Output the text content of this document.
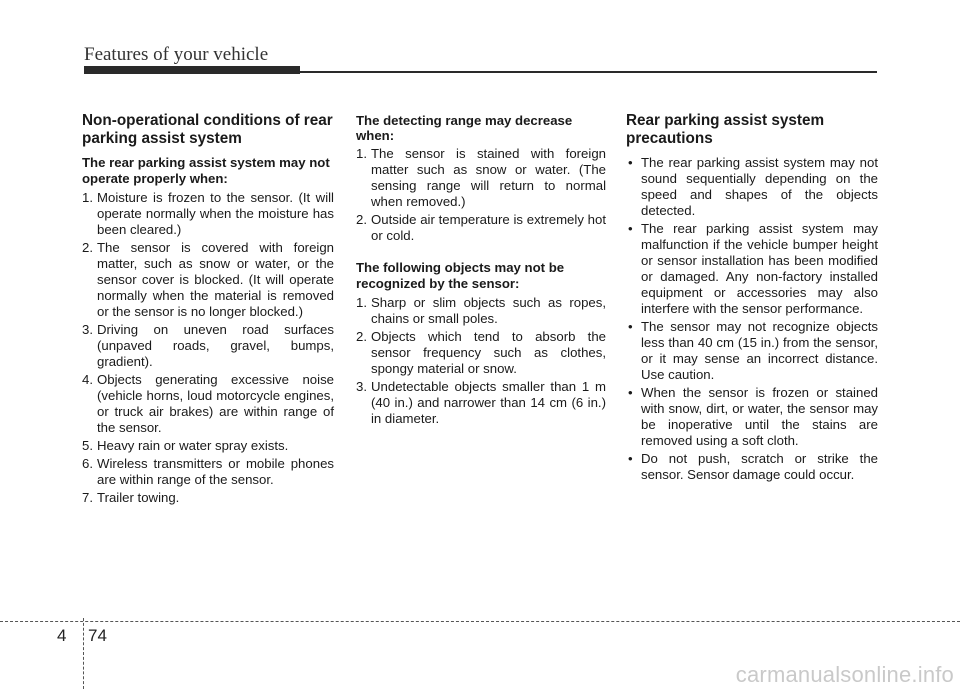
Features of your vehicle
Non-operational conditions of rear parking assist system
The rear parking assist system may not operate properly when:
1. Moisture is frozen to the sensor. (It will operate normally when the moisture has been cleared.)
2. The sensor is covered with foreign matter, such as snow or water, or the sensor cover is blocked. (It will operate normally when the material is removed or the sensor is no longer blocked.)
3. Driving on uneven road surfaces (unpaved roads, gravel, bumps, gradient).
4. Objects generating excessive noise (vehicle horns, loud motorcycle engines, or truck air brakes) are within range of the sensor.
5. Heavy rain or water spray exists.
6. Wireless transmitters or mobile phones are within range of the sensor.
7. Trailer towing.
The detecting range may decrease when:
1. The sensor is stained with foreign matter such as snow or water. (The sensing range will return to normal when removed.)
2. Outside air temperature is extremely hot or cold.
The following objects may not be recognized by the sensor:
1. Sharp or slim objects such as ropes, chains or small poles.
2. Objects which tend to absorb the sensor frequency such as clothes, spongy material or snow.
3. Undetectable objects smaller than 1 m (40 in.) and narrower than 14 cm (6 in.) in diameter.
Rear parking assist system precautions
• The rear parking assist system may not sound sequentially depending on the speed and shapes of the objects detected.
• The rear parking assist system may malfunction if the vehicle bumper height or sensor installation has been modified or damaged. Any non-factory installed equipment or accessories may also interfere with the sensor performance.
• The sensor may not recognize objects less than 40 cm (15 in.) from the sensor, or it may sense an incorrect distance. Use caution.
• When the sensor is frozen or stained with snow, dirt, or water, the sensor may be inoperative until the stains are removed using a soft cloth.
• Do not push, scratch or strike the sensor. Sensor damage could occur.
4 74
carmanualsonline.info
